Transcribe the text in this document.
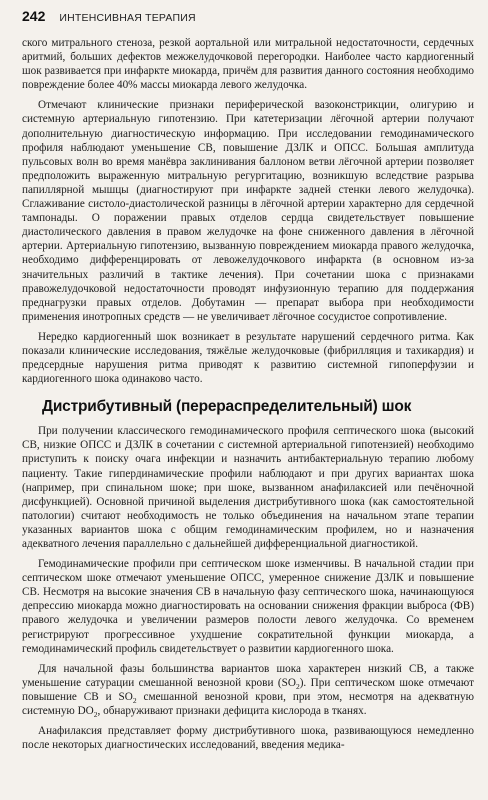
242 ИНТЕНСИВНАЯ ТЕРАПИЯ

ского митрального стеноза, резкой аортальной или митральной недостаточности, сердечных аритмий, больших дефектов межжелудочковой перегородки. Наиболее часто кардиогенный шок развивается при инфаркте миокарда, причём для развития данного состояния необходимо повреждение более 40% массы миокарда левого желудочка.

Отмечают клинические признаки периферической вазоконстрикции, олигурию и системную артериальную гипотензию. При катетеризации лёгочной артерии получают дополнительную диагностическую информацию. При исследовании гемодинамического профиля наблюдают уменьшение СВ, повышение ДЗЛК и ОПСС. Большая амплитуда пульсовых волн во время манёвра заклинивания баллоном ветви лёгочной артерии позволяет предположить выраженную митральную регургитацию, возникшую вследствие разрыва папиллярной мышцы (диагностируют при инфаркте задней стенки левого желудочка). Сглаживание систоло-диастолической разницы в лёгочной артерии характерно для сердечной тампонады. О поражении правых отделов сердца свидетельствует повышение диастолического давления в правом желудочке на фоне сниженного давления в лёгочной артерии. Артериальную гипотензию, вызванную повреждением миокарда правого желудочка, необходимо дифференцировать от левожелудочкового инфаркта (в основном из-за значительных различий в тактике лечения). При сочетании шока с признаками правожелудочковой недостаточности проводят инфузионную терапию для поддержания преднагрузки правых отделов. Добутамин — препарат выбора при необходимости применения инотропных средств — не увеличивает лёгочное сосудистое сопротивление.

Нередко кардиогенный шок возникает в результате нарушений сердечного ритма. Как показали клинические исследования, тяжёлые желудочковые (фибрилляция и тахикардия) и предсердные нарушения ритма приводят к развитию системной гипоперфузии и кардиогенного шока одинаково часто.

Дистрибутивный (перераспределительный) шок

При получении классического гемодинамического профиля септического шока (высокий СВ, низкие ОПСС и ДЗЛК в сочетании с системной артериальной гипотензией) необходимо приступить к поиску очага инфекции и назначить антибактериальную терапию любому пациенту. Такие гипердинамические профили наблюдают и при других вариантах шока (например, при спинальном шоке; при шоке, вызванном анафилаксией или печёночной дисфункцией). Основной причиной выделения дистрибутивного шока (как самостоятельной патологии) считают необходимость не только объединения на начальном этапе терапии указанных вариантов шока с общим гемодинамическим профилем, но и назначения адекватного лечения параллельно с дальнейшей дифференциальной диагностикой.

Гемодинамические профили при септическом шоке изменчивы. В начальной стадии при септическом шоке отмечают уменьшение ОПСС, умеренное снижение ДЗЛК и повышение СВ. Несмотря на высокие значения СВ в начальную фазу септического шока, начинающуюся депрессию миокарда можно диагностировать на основании снижения фракции выброса (ФВ) правого желудочка и увеличении размеров полости левого желудочка. Со временем регистрируют прогрессивное ухудшение сократительной функции миокарда, а гемодинамический профиль свидетельствует о развитии кардиогенного шока.

Для начальной фазы большинства вариантов шока характерен низкий СВ, а также уменьшение сатурации смешанной венозной крови $(SO_2)$. При септическом шоке отмечают повышение СВ и $SO_2$ смешанной венозной крови, при этом, несмотря на адекватную системную $DO_2$, обнаруживают признаки дефицита кислорода в тканях.

Анафилаксия представляет форму дистрибутивного шока, развивающуюся немедленно после некоторых диагностических исследований, введения медика-
